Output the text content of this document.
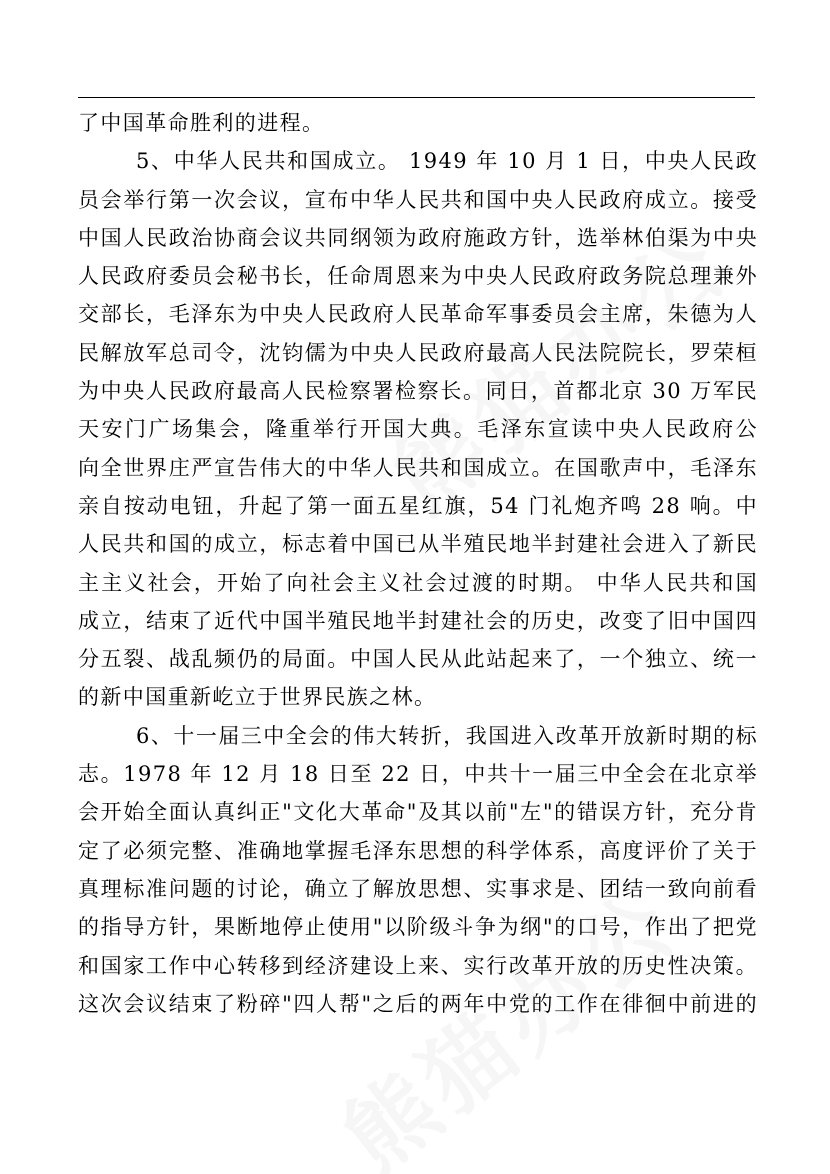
了中国革命胜利的进程。
5、中华人民共和国成立。 1949 年 10 月 1 日，中央人民政
员会举行第一次会议，宣布中华人民共和国中央人民政府成立。接受
中国人民政治协商会议共同纲领为政府施政方针，选举林伯渠为中央
人民政府委员会秘书长，任命周恩来为中央人民政府政务院总理兼外
交部长，毛泽东为中央人民政府人民革命军事委员会主席，朱德为人
民解放军总司令，沈钧儒为中央人民政府最高人民法院院长，罗荣桓
为中央人民政府最高人民检察署检察长。同日，首都北京 30 万军民
天安门广场集会，隆重举行开国大典。毛泽东宣读中央人民政府公
向全世界庄严宣告伟大的中华人民共和国成立。在国歌声中，毛泽东
亲自按动电钮，升起了第一面五星红旗，54 门礼炮齐鸣 28 响。中
人民共和国的成立，标志着中国已从半殖民地半封建社会进入了新民
主主义社会，开始了向社会主义社会过渡的时期。 中华人民共和国
成立，结束了近代中国半殖民地半封建社会的历史，改变了旧中国四
分五裂、战乱频仍的局面。中国人民从此站起来了，一个独立、统一
的新中国重新屹立于世界民族之林。
6、十一届三中全会的伟大转折，我国进入改革开放新时期的标
志。1978 年 12 月 18 日至 22 日，中共十一届三中全会在北京举
会开始全面认真纠正"文化大革命"及其以前"左"的错误方针，充分肯
定了必须完整、准确地掌握毛泽东思想的科学体系，高度评价了关于
真理标准问题的讨论，确立了解放思想、实事求是、团结一致向前看
的指导方针，果断地停止使用"以阶级斗争为纲"的口号，作出了把党
和国家工作中心转移到经济建设上来、实行改革开放的历史性决策。
这次会议结束了粉碎"四人帮"之后的两年中党的工作在徘徊中前进的
